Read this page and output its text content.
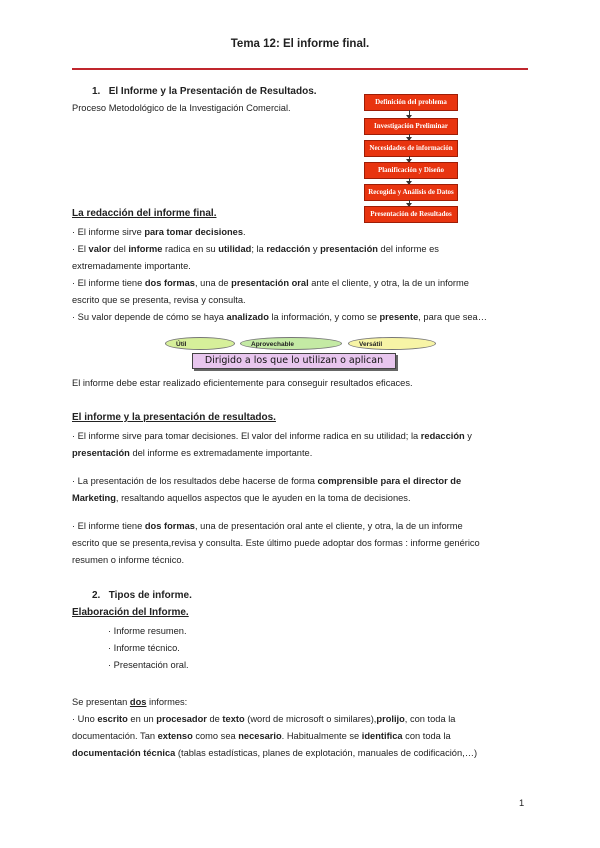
Tema 12: El informe final.
1. El Informe y la Presentación de Resultados.
Proceso Metodológico de la Investigación Comercial.
Definición del problema
Investigación Preliminar
Necesidades de información
Planificación y Diseño
Recogida y Análisis de Datos
Presentación de Resultados
La redacción del informe final.
· El informe sirve para tomar decisiones.
· El valor del informe radica en su utilidad; la redacción y presentación del informe es
extremadamente importante.
· El informe tiene dos formas, una de presentación oral ante el cliente, y otra, la de un informe
escrito que se presenta, revisa y consulta.
· Su valor depende de cómo se haya analizado la información, y como se presente, para que sea…
Útil	Aprovechable	Versátil
Dirigido a los que lo utilizan o aplican
El informe debe estar realizado eficientemente para conseguir resultados eficaces.
El informe y la presentación de resultados.
· El informe sirve para tomar decisiones. El valor del informe radica en su utilidad; la redacción y
presentación del informe es extremadamente importante.
· La presentación de los resultados debe hacerse de forma comprensible para el director de
Marketing, resaltando aquellos aspectos que le ayuden en la toma de decisiones.
· El informe tiene dos formas, una de presentación oral ante el cliente, y otra, la de un informe
escrito que se presenta,revisa y consulta. Este último puede adoptar dos formas : informe genérico
resumen o informe técnico.
2. Tipos de informe.
Elaboración del Informe.
· Informe resumen.
· Informe técnico.
· Presentación oral.
Se presentan dos informes:
· Uno escrito en un procesador de texto (word de microsoft o similares),prolijo, con toda la
documentación. Tan extenso como sea necesario. Habitualmente se identifica con toda la
documentación técnica (tablas estadísticas, planes de explotación, manuales de codificación,…)
1
